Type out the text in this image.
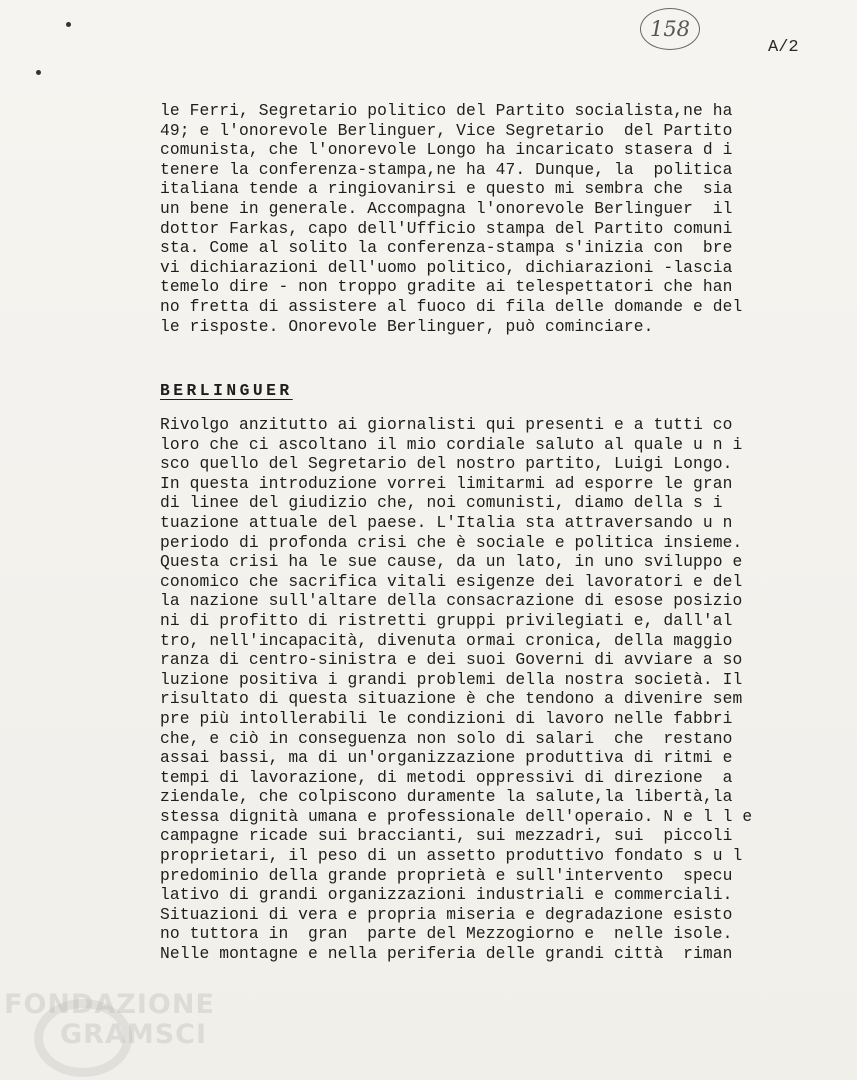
158
A/2
le Ferri, Segretario politico del Partito socialista,ne ha
49; e l'onorevole Berlinguer, Vice Segretario  del Partito
comunista, che l'onorevole Longo ha incaricato stasera d i
tenere la conferenza-stampa,ne ha 47. Dunque, la  politica
italiana tende a ringiovanirsi e questo mi sembra che  sia
un bene in generale. Accompagna l'onorevole Berlinguer  il
dottor Farkas, capo dell'Ufficio stampa del Partito comuni
sta. Come al solito la conferenza-stampa s'inizia con  bre
vi dichiarazioni dell'uomo politico, dichiarazioni -lascia
temelo dire - non troppo gradite ai telespettatori che han
no fretta di assistere al fuoco di fila delle domande e del
le risposte. Onorevole Berlinguer, può cominciare.
BERLINGUER
Rivolgo anzitutto ai giornalisti qui presenti e a tutti co
loro che ci ascoltano il mio cordiale saluto al quale u n i
sco quello del Segretario del nostro partito, Luigi Longo.
In questa introduzione vorrei limitarmi ad esporre le gran
di linee del giudizio che, noi comunisti, diamo della s i
tuazione attuale del paese. L'Italia sta attraversando u n
periodo di profonda crisi che è sociale e politica insieme.
Questa crisi ha le sue cause, da un lato, in uno sviluppo e
conomico che sacrifica vitali esigenze dei lavoratori e del
la nazione sull'altare della consacrazione di esose posizio
ni di profitto di ristretti gruppi privilegiati e, dall'al
tro, nell'incapacità, divenuta ormai cronica, della maggio
ranza di centro-sinistra e dei suoi Governi di avviare a so
luzione positiva i grandi problemi della nostra società. Il
risultato di questa situazione è che tendono a divenire sem
pre più intollerabili le condizioni di lavoro nelle fabbri
che, e ciò in conseguenza non solo di salari  che  restano
assai bassi, ma di un'organizzazione produttiva di ritmi e
tempi di lavorazione, di metodi oppressivi di direzione  a
ziendale, che colpiscono duramente la salute,la libertà,la
stessa dignità umana e professionale dell'operaio. N e l l e
campagne ricade sui braccianti, sui mezzadri, sui  piccoli
proprietari, il peso di un assetto produttivo fondato s u l
predominio della grande proprietà e sull'intervento  specu
lativo di grandi organizzazioni industriali e commerciali.
Situazioni di vera e propria miseria e degradazione esisto
no tuttora in  gran  parte del Mezzogiorno e  nelle isole.
Nelle montagne e nella periferia delle grandi città  riman
FONDAZIONE
GRAMSCI
